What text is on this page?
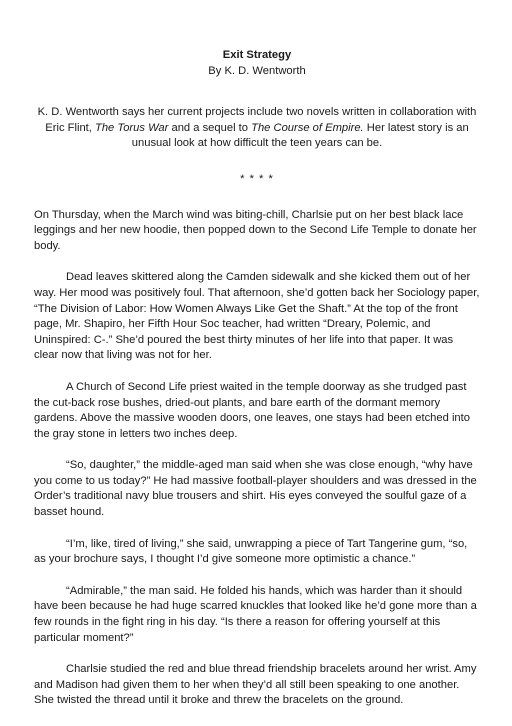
Exit Strategy

By K. D. Wentworth

K. D. Wentworth says her current projects include two novels written in collaboration with Eric Flint, The Torus War and a sequel to The Course of Empire. Her latest story is an unusual look at how difficult the teen years can be.

* * * *

On Thursday, when the March wind was biting-chill, Charlsie put on her best black lace leggings and her new hoodie, then popped down to the Second Life Temple to donate her body.

Dead leaves skittered along the Camden sidewalk and she kicked them out of her way. Her mood was positively foul. That afternoon, she’d gotten back her Sociology paper, “The Division of Labor: How Women Always Like Get the Shaft.” At the top of the front page, Mr. Shapiro, her Fifth Hour Soc teacher, had written “Dreary, Polemic, and Uninspired: C-.” She’d poured the best thirty minutes of her life into that paper. It was clear now that living was not for her.

A Church of Second Life priest waited in the temple doorway as she trudged past the cut-back rose bushes, dried-out plants, and bare earth of the dormant memory gardens. Above the massive wooden doors, one leaves, one stays had been etched into the gray stone in letters two inches deep.

“So, daughter,” the middle-aged man said when she was close enough, “why have you come to us today?” He had massive football-player shoulders and was dressed in the Order’s traditional navy blue trousers and shirt. His eyes conveyed the soulful gaze of a basset hound.

“I’m, like, tired of living,” she said, unwrapping a piece of Tart Tangerine gum, “so, as your brochure says, I thought I’d give someone more optimistic a chance.”

“Admirable,” the man said. He folded his hands, which was harder than it should have been because he had huge scarred knuckles that looked like he’d gone more than a few rounds in the fight ring in his day. “Is there a reason for offering yourself at this particular moment?”

Charlsie studied the red and blue thread friendship bracelets around her wrist. Amy and Madison had given them to her when they’d all still been speaking to one another. She twisted the thread until it broke and threw the bracelets on the ground.
